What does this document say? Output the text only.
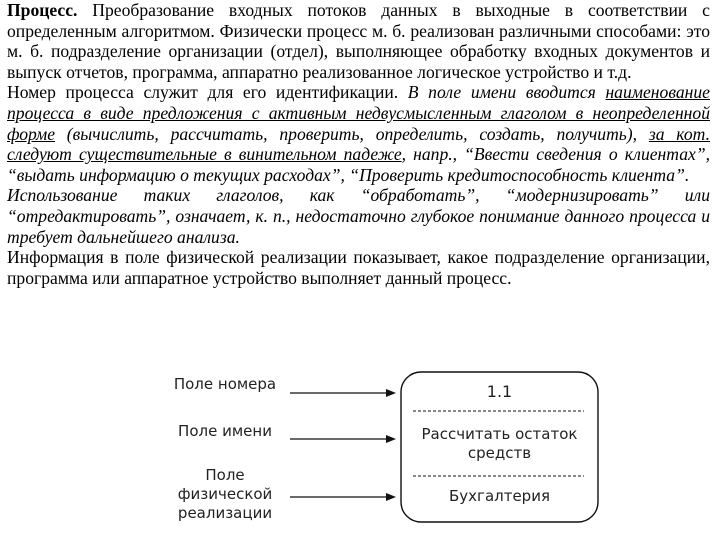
Процесс. Преобразование входных потоков данных в выходные в соответствии с определенным алгоритмом. Физически процесс м. б. реализован различными способами: это м. б. подразделение организации (отдел), выполняющее обработку входных документов и выпуск отчетов, программа, аппаратно реализованное логическое устройство и т.д.

Номер процесса служит для его идентификации. В поле имени вводится наименование процесса в виде предложения с активным недвусмысленным глаголом в неопределенной форме (вычислить, рассчитать, проверить, определить, создать, получить), за кот. следуют существительные в винительном падеже, напр., “Ввести сведения о клиентах”, “выдать информацию о текущих расходах”, “Проверить кредитоспособность клиента”.

Использование таких глаголов, как “обработать”, “модернизировать” или “отредактировать”, означает, к. п., недостаточно глубокое понимание данного процесса и требует дальнейшего анализа.

Информация в поле физической реализации показывает, какое подразделение организации, программа или аппаратное устройство выполняет данный процесс.

Поле номера
Поле имени
Поле
физической
реализации
1.1
Рассчитать остаток
средств
Бухгалтерия
